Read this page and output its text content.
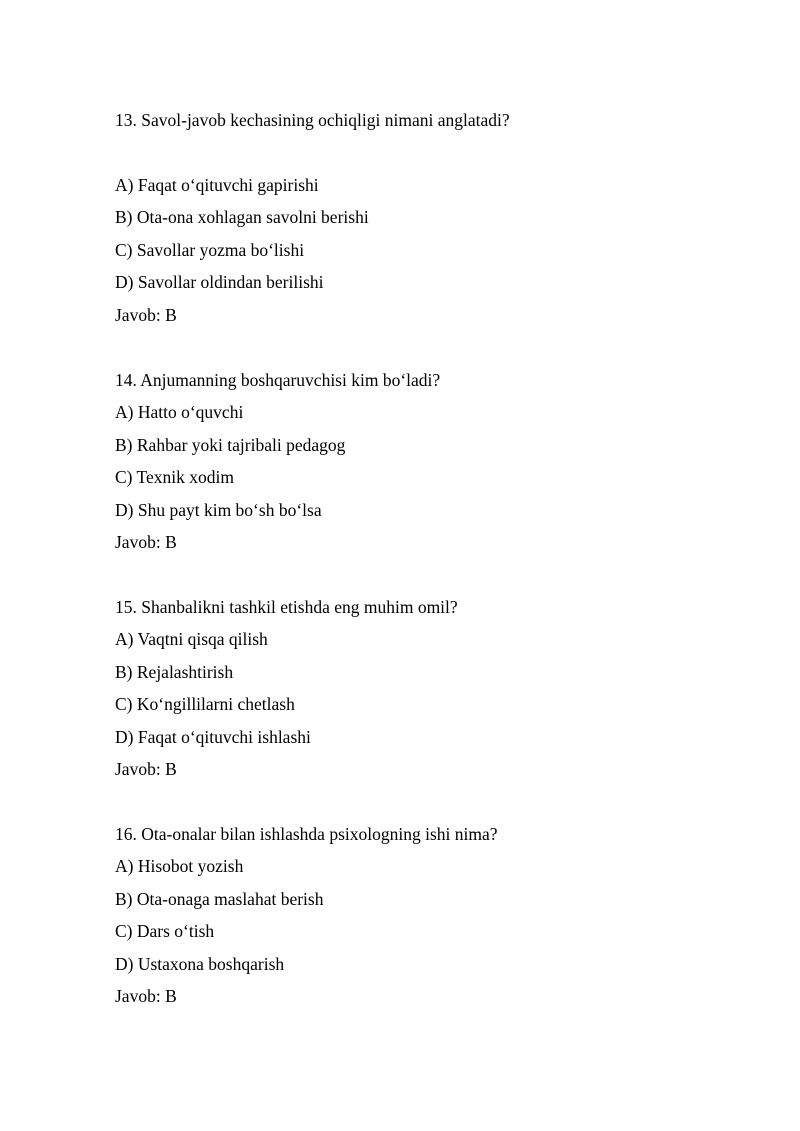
13. Savol-javob kechasining ochiqligi nimani anglatadi?
A) Faqat o‘qituvchi gapirishi
B) Ota-ona xohlagan savolni berishi
C) Savollar yozma bo‘lishi
D) Savollar oldindan berilishi
Javob: B
14. Anjumanning boshqaruvchisi kim bo‘ladi?
A) Hatto o‘quvchi
B) Rahbar yoki tajribali pedagog
C) Texnik xodim
D) Shu payt kim bo‘sh bo‘lsa
Javob: B
15. Shanbalikni tashkil etishda eng muhim omil?
A) Vaqtni qisqa qilish
B) Rejalashtirish
C) Ko‘ngillilarni chetlash
D) Faqat o‘qituvchi ishlashi
Javob: B
16. Ota-onalar bilan ishlashda psixologning ishi nima?
A) Hisobot yozish
B) Ota-onaga maslahat berish
C) Dars o‘tish
D) Ustaxona boshqarish
Javob: B
